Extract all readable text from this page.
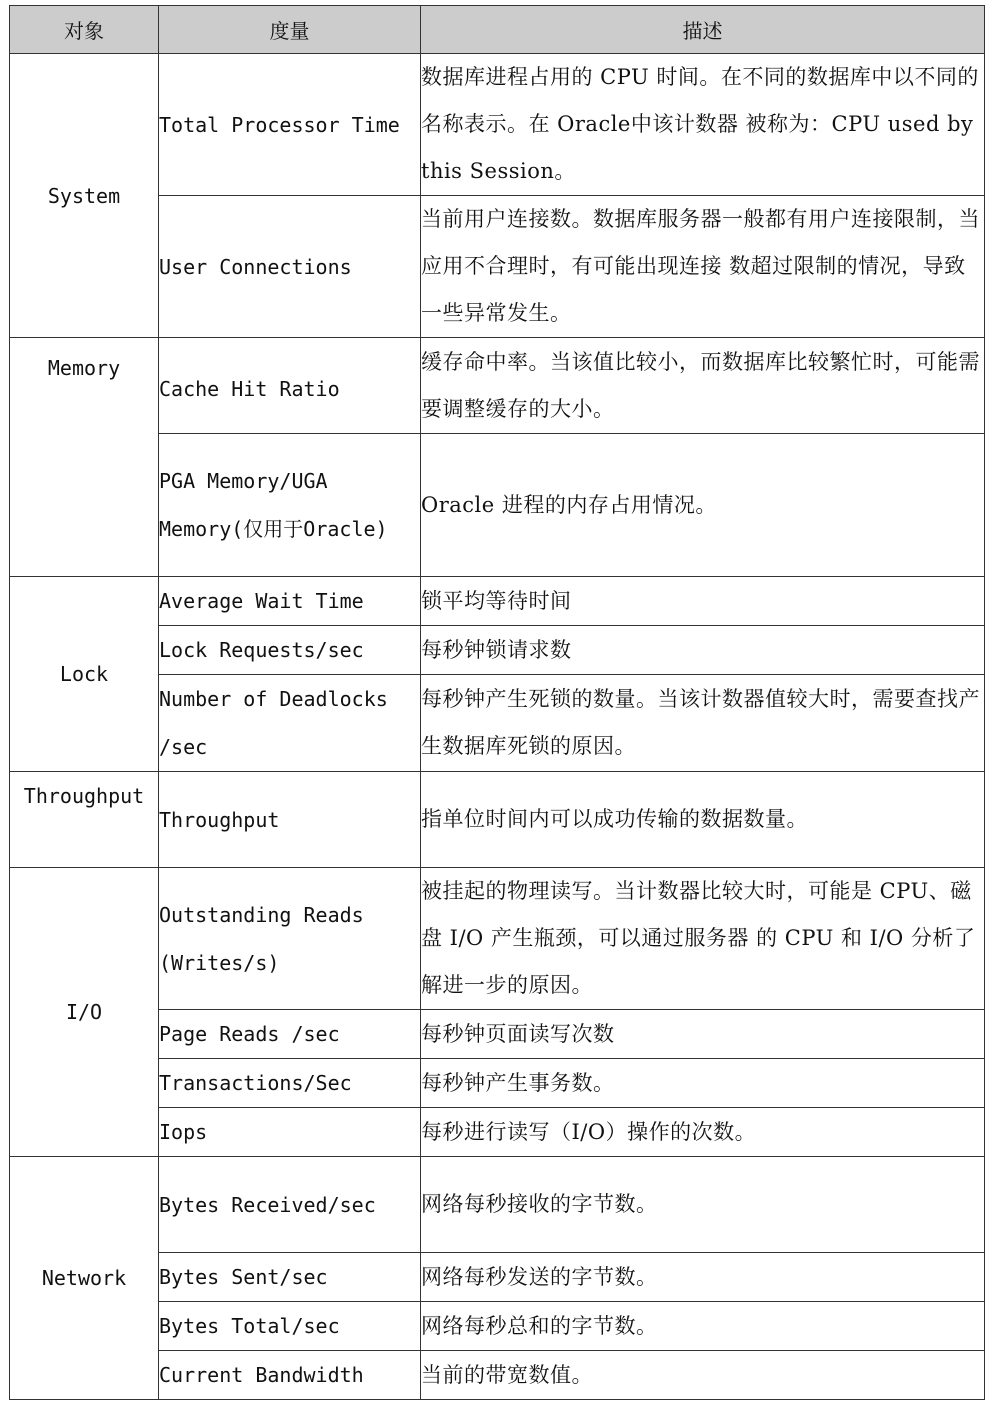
对象	度量	描述
System	Total Processor Time	数据库进程占用的 CPU 时间。在不同的数据库中以不同的名称表示。在 Oracle中该计数器 被称为：CPU used by this Session。
	User Connections	当前用户连接数。数据库服务器一般都有用户连接限制，当应用不合理时，有可能出现连接 数超过限制的情况，导致一些异常发生。
Memory	Cache Hit Ratio	缓存命中率。当该值比较小，而数据库比较繁忙时，可能需要调整缓存的大小。
	PGA Memory/UGA Memory(仅用于Oracle)	Oracle 进程的内存占用情况。
Lock	Average Wait Time	锁平均等待时间
	Lock Requests/sec	每秒钟锁请求数
	Number of Deadlocks /sec	每秒钟产生死锁的数量。当该计数器值较大时，需要查找产生数据库死锁的原因。
Throughput	Throughput	指单位时间内可以成功传输的数据数量。
I/O	Outstanding Reads (Writes/s)	被挂起的物理读写。当计数器比较大时，可能是 CPU、磁盘 I/O 产生瓶颈，可以通过服务器 的 CPU 和 I/O 分析了解进一步的原因。
	Page Reads /sec	每秒钟页面读写次数
	Transactions/Sec	每秒钟产生事务数。
	Iops	每秒进行读写（I/O）操作的次数。
Network	Bytes Received/sec	网络每秒接收的字节数。
	Bytes Sent/sec	网络每秒发送的字节数。
	Bytes Total/sec	网络每秒总和的字节数。
	Current Bandwidth	当前的带宽数值。
